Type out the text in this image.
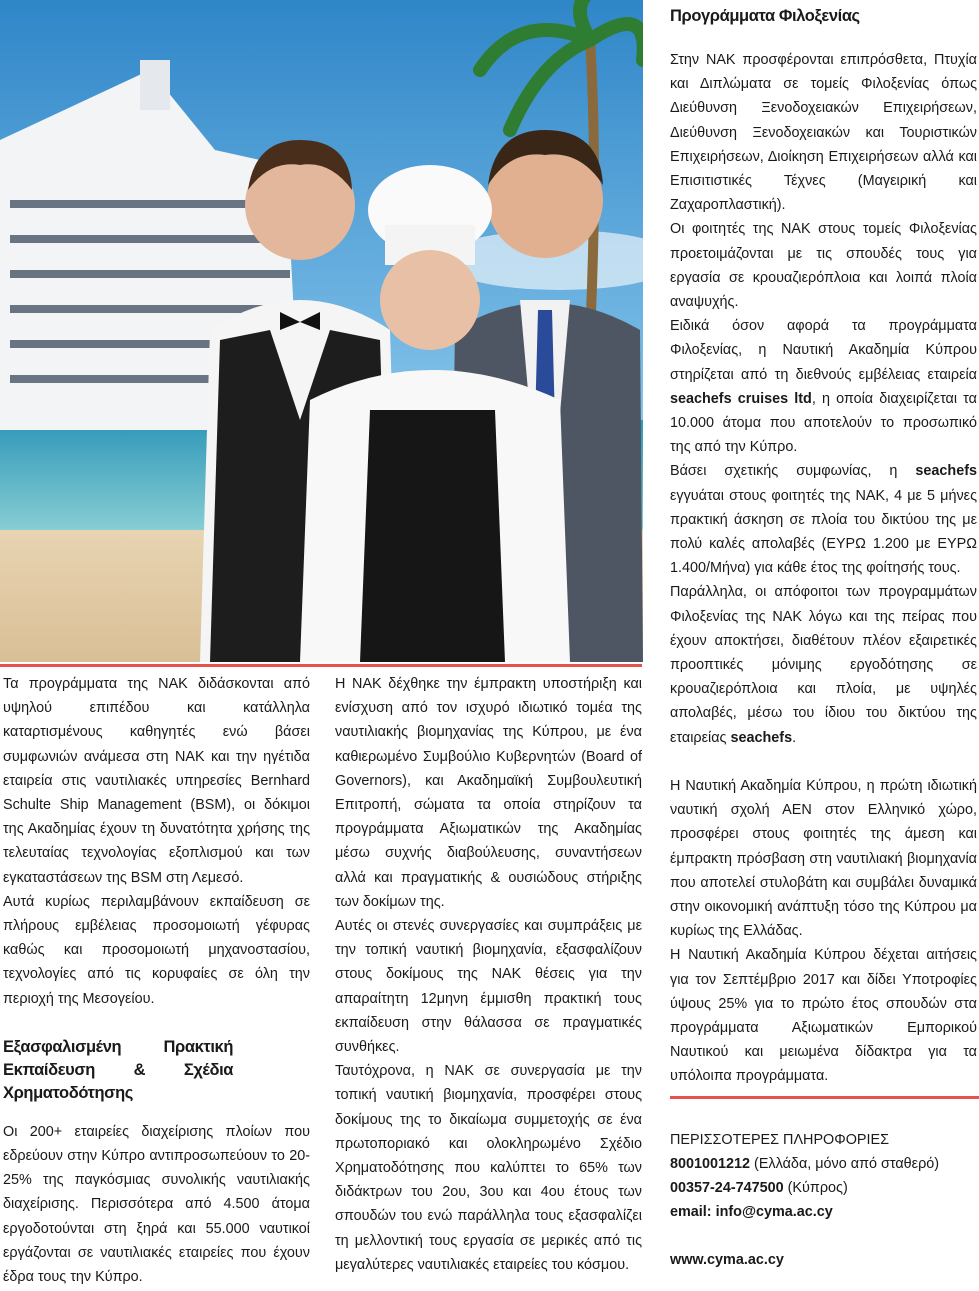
Τα προγράμματα της ΝΑΚ διδάσκονται από υψηλού επιπέδου και κατάλληλα καταρτισμένους καθηγητές ενώ βάσει συμφωνιών ανάμεσα στη ΝΑΚ και την ηγέτιδα εταιρεία στις ναυτιλιακές υπηρεσίες Bernhard Schulte Ship Management (BSM), οι δόκιμοι της Ακαδημίας έχουν τη δυνατότητα χρήσης της τελευταίας τεχνολογίας εξοπλισμού και των εγκαταστάσεων της BSM στη Λεμεσό.

Αυτά κυρίως περιλαμβάνουν εκπαίδευση σε πλήρους εμβέλειας προσομοιωτή γέφυρας καθώς και προσομοιωτή μηχανοστασίου, τεχνολογίες από τις κορυφαίες σε όλη την περιοχή της Μεσογείου.

Εξασφαλισμένη Πρακτική Εκπαίδευση & Σχέδια Χρηματοδότησης

Οι 200+ εταιρείες διαχείρισης πλοίων που εδρεύουν στην Κύπρο αντιπροσωπεύουν το 20-25% της παγκόσμιας συνολικής ναυτιλιακής διαχείρισης. Περισσότερα από 4.500 άτομα εργοδοτούνται στη ξηρά και 55.000 ναυτικοί εργάζονται σε ναυτιλιακές εταιρείες που έχουν έδρα τους την Κύπρο.

Η ΝΑΚ δέχθηκε την έμπρακτη υποστήριξη και ενίσχυση από τον ισχυρό ιδιωτικό τομέα της ναυτιλιακής βιομηχανίας της Κύπρου, με ένα καθιερωμένο Συμβούλιο Κυβερνητών (Board of Governors), και Ακαδημαϊκή Συμβουλευτική Επιτροπή, σώματα τα οποία στηρίζουν τα προγράμματα Αξιωματικών της Ακαδημίας μέσω συχνής διαβούλευσης, συναντήσεων αλλά και πραγματικής & ουσιώδους στήριξης των δοκίμων της.

Αυτές οι στενές συνεργασίες και συμπράξεις με την τοπική ναυτική βιομηχανία, εξασφαλίζουν στους δοκίμους της ΝΑΚ θέσεις για την απαραίτητη 12μηνη έμμισθη πρακτική τους εκπαίδευση στην θάλασσα σε πραγματικές συνθήκες.

Ταυτόχρονα, η ΝΑΚ σε συνεργασία με την τοπική ναυτική βιομηχανία, προσφέρει στους δοκίμους της το δικαίωμα συμμετοχής σε ένα πρωτοποριακό και ολοκληρωμένο Σχέδιο Χρηματοδότησης που καλύπτει το 65% των διδάκτρων του 2ου, 3ου και 4ου έτους των σπουδών του ενώ παράλληλα τους εξασφαλίζει τη μελλοντική τους εργασία σε μερικές από τις μεγαλύτερες ναυτιλιακές εταιρείες του κόσμου.

Προγράμματα Φιλοξενίας

Στην ΝΑΚ προσφέρονται επιπρόσθετα, Πτυχία και Διπλώματα σε τομείς Φιλοξενίας όπως Διεύθυνση Ξενοδοχειακών Επιχειρήσεων, Διεύθυνση Ξενοδοχειακών και Τουριστικών Επιχειρήσεων, Διοίκηση Επιχειρήσεων αλλά και Επισιτιστικές Τέχνες (Μαγειρική και Ζαχαροπλαστική).

Οι φοιτητές της ΝΑΚ στους τομείς Φιλοξενίας προετοιμάζονται με τις σπουδές τους για εργασία σε κρουαζιερόπλοια και λοιπά πλοία αναψυχής.

Ειδικά όσον αφορά τα προγράμματα Φιλοξενίας, η Ναυτική Ακαδημία Κύπρου στηρίζεται από τη διεθνούς εμβέλειας εταιρεία seachefs cruises ltd, η οποία διαχειρίζεται τα 10.000 άτομα που αποτελούν το προσωπικό της από την Κύπρο.

Βάσει σχετικής συμφωνίας, η seachefs εγγυάται στους φοιτητές της ΝΑΚ, 4 με 5 μήνες πρακτική άσκηση σε πλοία του δικτύου της με πολύ καλές απολαβές (ΕΥΡΩ 1.200 με ΕΥΡΩ 1.400/Μήνα) για κάθε έτος της φοίτησής τους.

Παράλληλα, οι απόφοιτοι των προγραμμάτων Φιλοξενίας της ΝΑΚ λόγω και της πείρας που έχουν αποκτήσει, διαθέτουν πλέον εξαιρετικές προοπτικές μόνιμης εργοδότησης σε κρουαζιερόπλοια και πλοία, με υψηλές απολαβές, μέσω του ίδιου του δικτύου της εταιρείας seachefs.

Η Ναυτική Ακαδημία Κύπρου, η πρώτη ιδιωτική ναυτική σχολή ΑΕΝ στον Ελληνικό χώρο, προσφέρει στους φοιτητές της άμεση και έμπρακτη πρόσβαση στη ναυτιλιακή βιομηχανία που αποτελεί στυλοβάτη και συμβάλει δυναμικά στην οικονομική ανάπτυξη τόσο της Κύπρου μα κυρίως της Ελλάδας.

Η Ναυτική Ακαδημία Κύπρου δέχεται αιτήσεις για τον Σεπτέμβριο 2017 και δίδει Υποτροφίες ύψους 25% για το πρώτο έτος σπουδών στα προγράμματα Αξιωματικών Εμπορικού Ναυτικού και μειωμένα δίδακτρα για τα υπόλοιπα προγράμματα.

ΠΕΡΙΣΣΟΤΕΡΕΣ ΠΛΗΡΟΦΟΡΙΕΣ
8001001212 (Ελλάδα, μόνο από σταθερό)
00357-24-747500 (Κύπρος)
email: info@cyma.ac.cy
www.cyma.ac.cy
